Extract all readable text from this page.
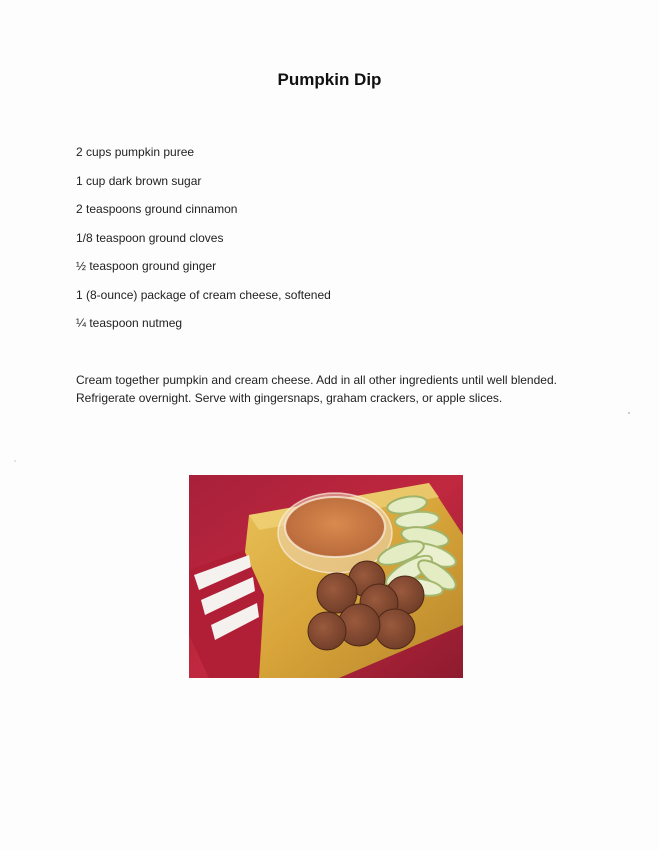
Pumpkin Dip
2 cups pumpkin puree
1 cup dark brown sugar
2 teaspoons ground cinnamon
1/8 teaspoon ground cloves
½ teaspoon ground ginger
1 (8-ounce) package of cream cheese, softened
¼ teaspoon nutmeg

Cream together pumpkin and cream cheese. Add in all other ingredients until well blended.
Refrigerate overnight. Serve with gingersnaps, graham crackers, or apple slices.
